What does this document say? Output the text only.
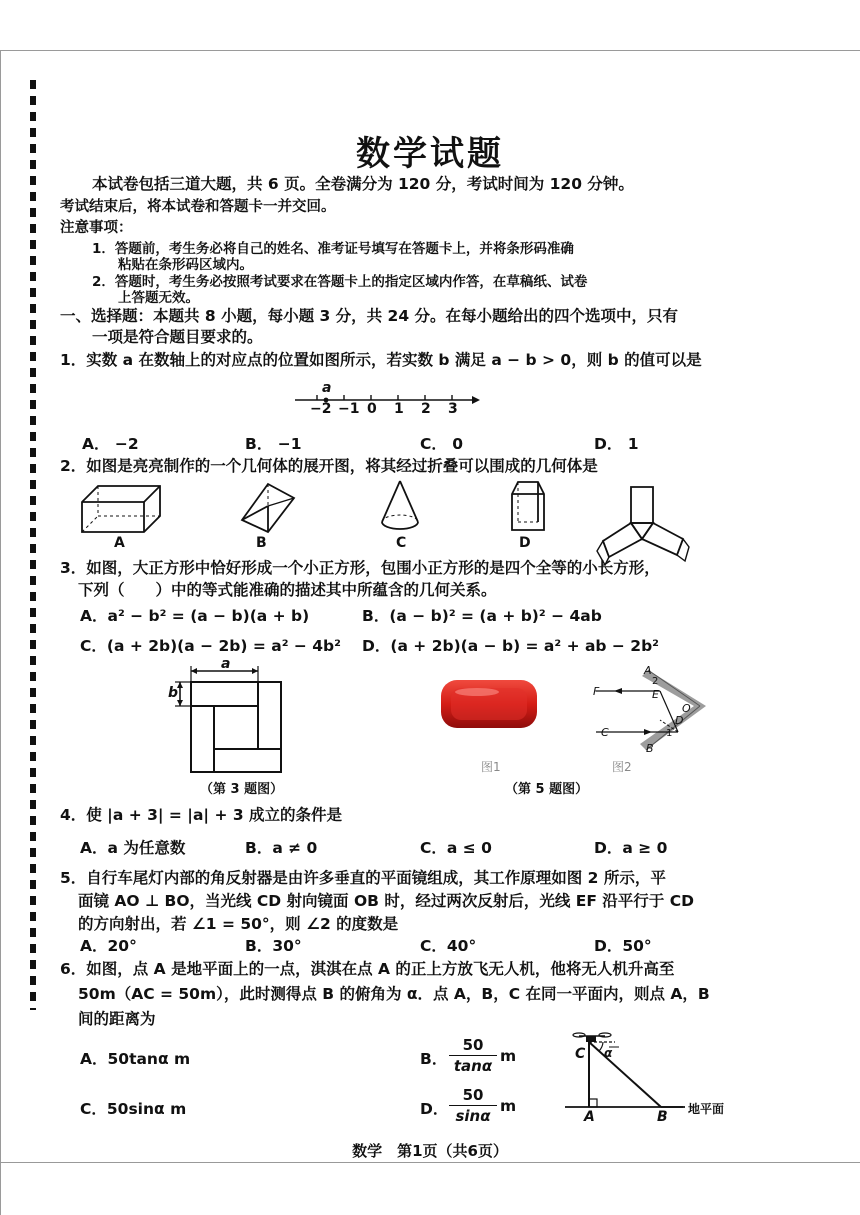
数学试题
本试卷包括三道大题，共 6 页。全卷满分为 120 分，考试时间为 120 分钟。
考试结束后，将本试卷和答题卡一并交回。
注意事项：
1．答题前，考生务必将自己的姓名、准考证号填写在答题卡上，并将条形码准确
粘贴在条形码区域内。
2．答题时，考生务必按照考试要求在答题卡上的指定区域内作答，在草稿纸、试卷
上答题无效。
一、选择题：本题共 8 小题，每小题 3 分，共 24 分。在每小题给出的四个选项中，只有
一项是符合题目要求的。
1．实数 a 在数轴上的对应点的位置如图所示，若实数 b 满足 a − b > 0，则 b 的值可以是
a
−2 −1 0 1 2 3
A． −2	B． −1	C． 0	D． 1
2．如图是亮亮制作的一个几何体的展开图，将其经过折叠可以围成的几何体是
A	B	C	D
3．如图，大正方形中恰好形成一个小正方形，包围小正方形的是四个全等的小长方形，
下列（　　）中的等式能准确的描述其中所蕴含的几何关系。
A．a² − b² = (a − b)(a + b)	B．(a − b)² = (a + b)² − 4ab
C．(a + 2b)(a − 2b) = a² − 4b² D．(a + 2b)(a − b) = a² + ab − 2b²
a
b
（第 3 题图）
图1
A
2
F	E
O
D
1
C
B
图2
（第 5 题图）
4．使 |a + 3| = |a| + 3 成立的条件是
A．a 为任意数	B．a ≠ 0	C．a ≤ 0	D．a ≥ 0
5．自行车尾灯内部的角反射器是由许多垂直的平面镜组成，其工作原理如图 2 所示，平
面镜 AO ⊥ BO，当光线 CD 射向镜面 OB 时，经过两次反射后，光线 EF 沿平行于 CD
的方向射出，若 ∠1 = 50°，则 ∠2 的度数是
A．20°	B．30°	C．40°	D．50°
6．如图，点 A 是地平面上的一点，淇淇在点 A 的正上方放飞无人机，他将无人机升高至
50m（AC = 50m），此时测得点 B 的俯角为 α．点 A，B，C 在同一平面内，则点 A，B
间的距离为
A．50tanα m	B． $\frac{50}{\tan\alpha}$ m
C．50sinα m	D． $\frac{50}{\sin\alpha}$ m
C α
A	B 地平面
数学　第1页（共6页）
